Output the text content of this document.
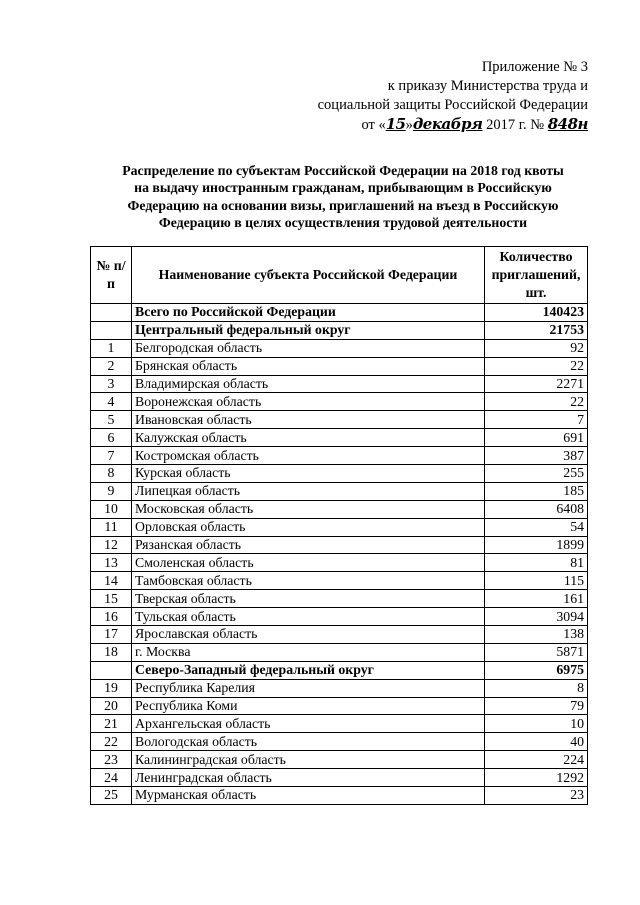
Приложение № 3
к приказу Министерства труда и
социальной защиты Российской Федерации
от «15»декабря 2017 г. № 848н
Распределение по субъектам Российской Федерации на 2018 год квоты
на выдачу иностранным гражданам, прибывающим в Российскую
Федерацию на основании визы, приглашений на въезд в Российскую
Федерацию в целях осуществления трудовой деятельности
№ п/п	Наименование субъекта Российской Федерации	Количество приглашений, шт.
	Всего по Российской Федерации	140423
	Центральный федеральный округ	21753
1	Белгородская область	92
2	Брянская область	22
3	Владимирская область	2271
4	Воронежская область	22
5	Ивановская область	7
6	Калужская область	691
7	Костромская область	387
8	Курская область	255
9	Липецкая область	185
10	Московская область	6408
11	Орловская область	54
12	Рязанская область	1899
13	Смоленская область	81
14	Тамбовская область	115
15	Тверская область	161
16	Тульская область	3094
17	Ярославская область	138
18	г. Москва	5871
	Северо-Западный федеральный округ	6975
19	Республика Карелия	8
20	Республика Коми	79
21	Архангельская область	10
22	Вологодская область	40
23	Калининградская область	224
24	Ленинградская область	1292
25	Мурманская область	23
